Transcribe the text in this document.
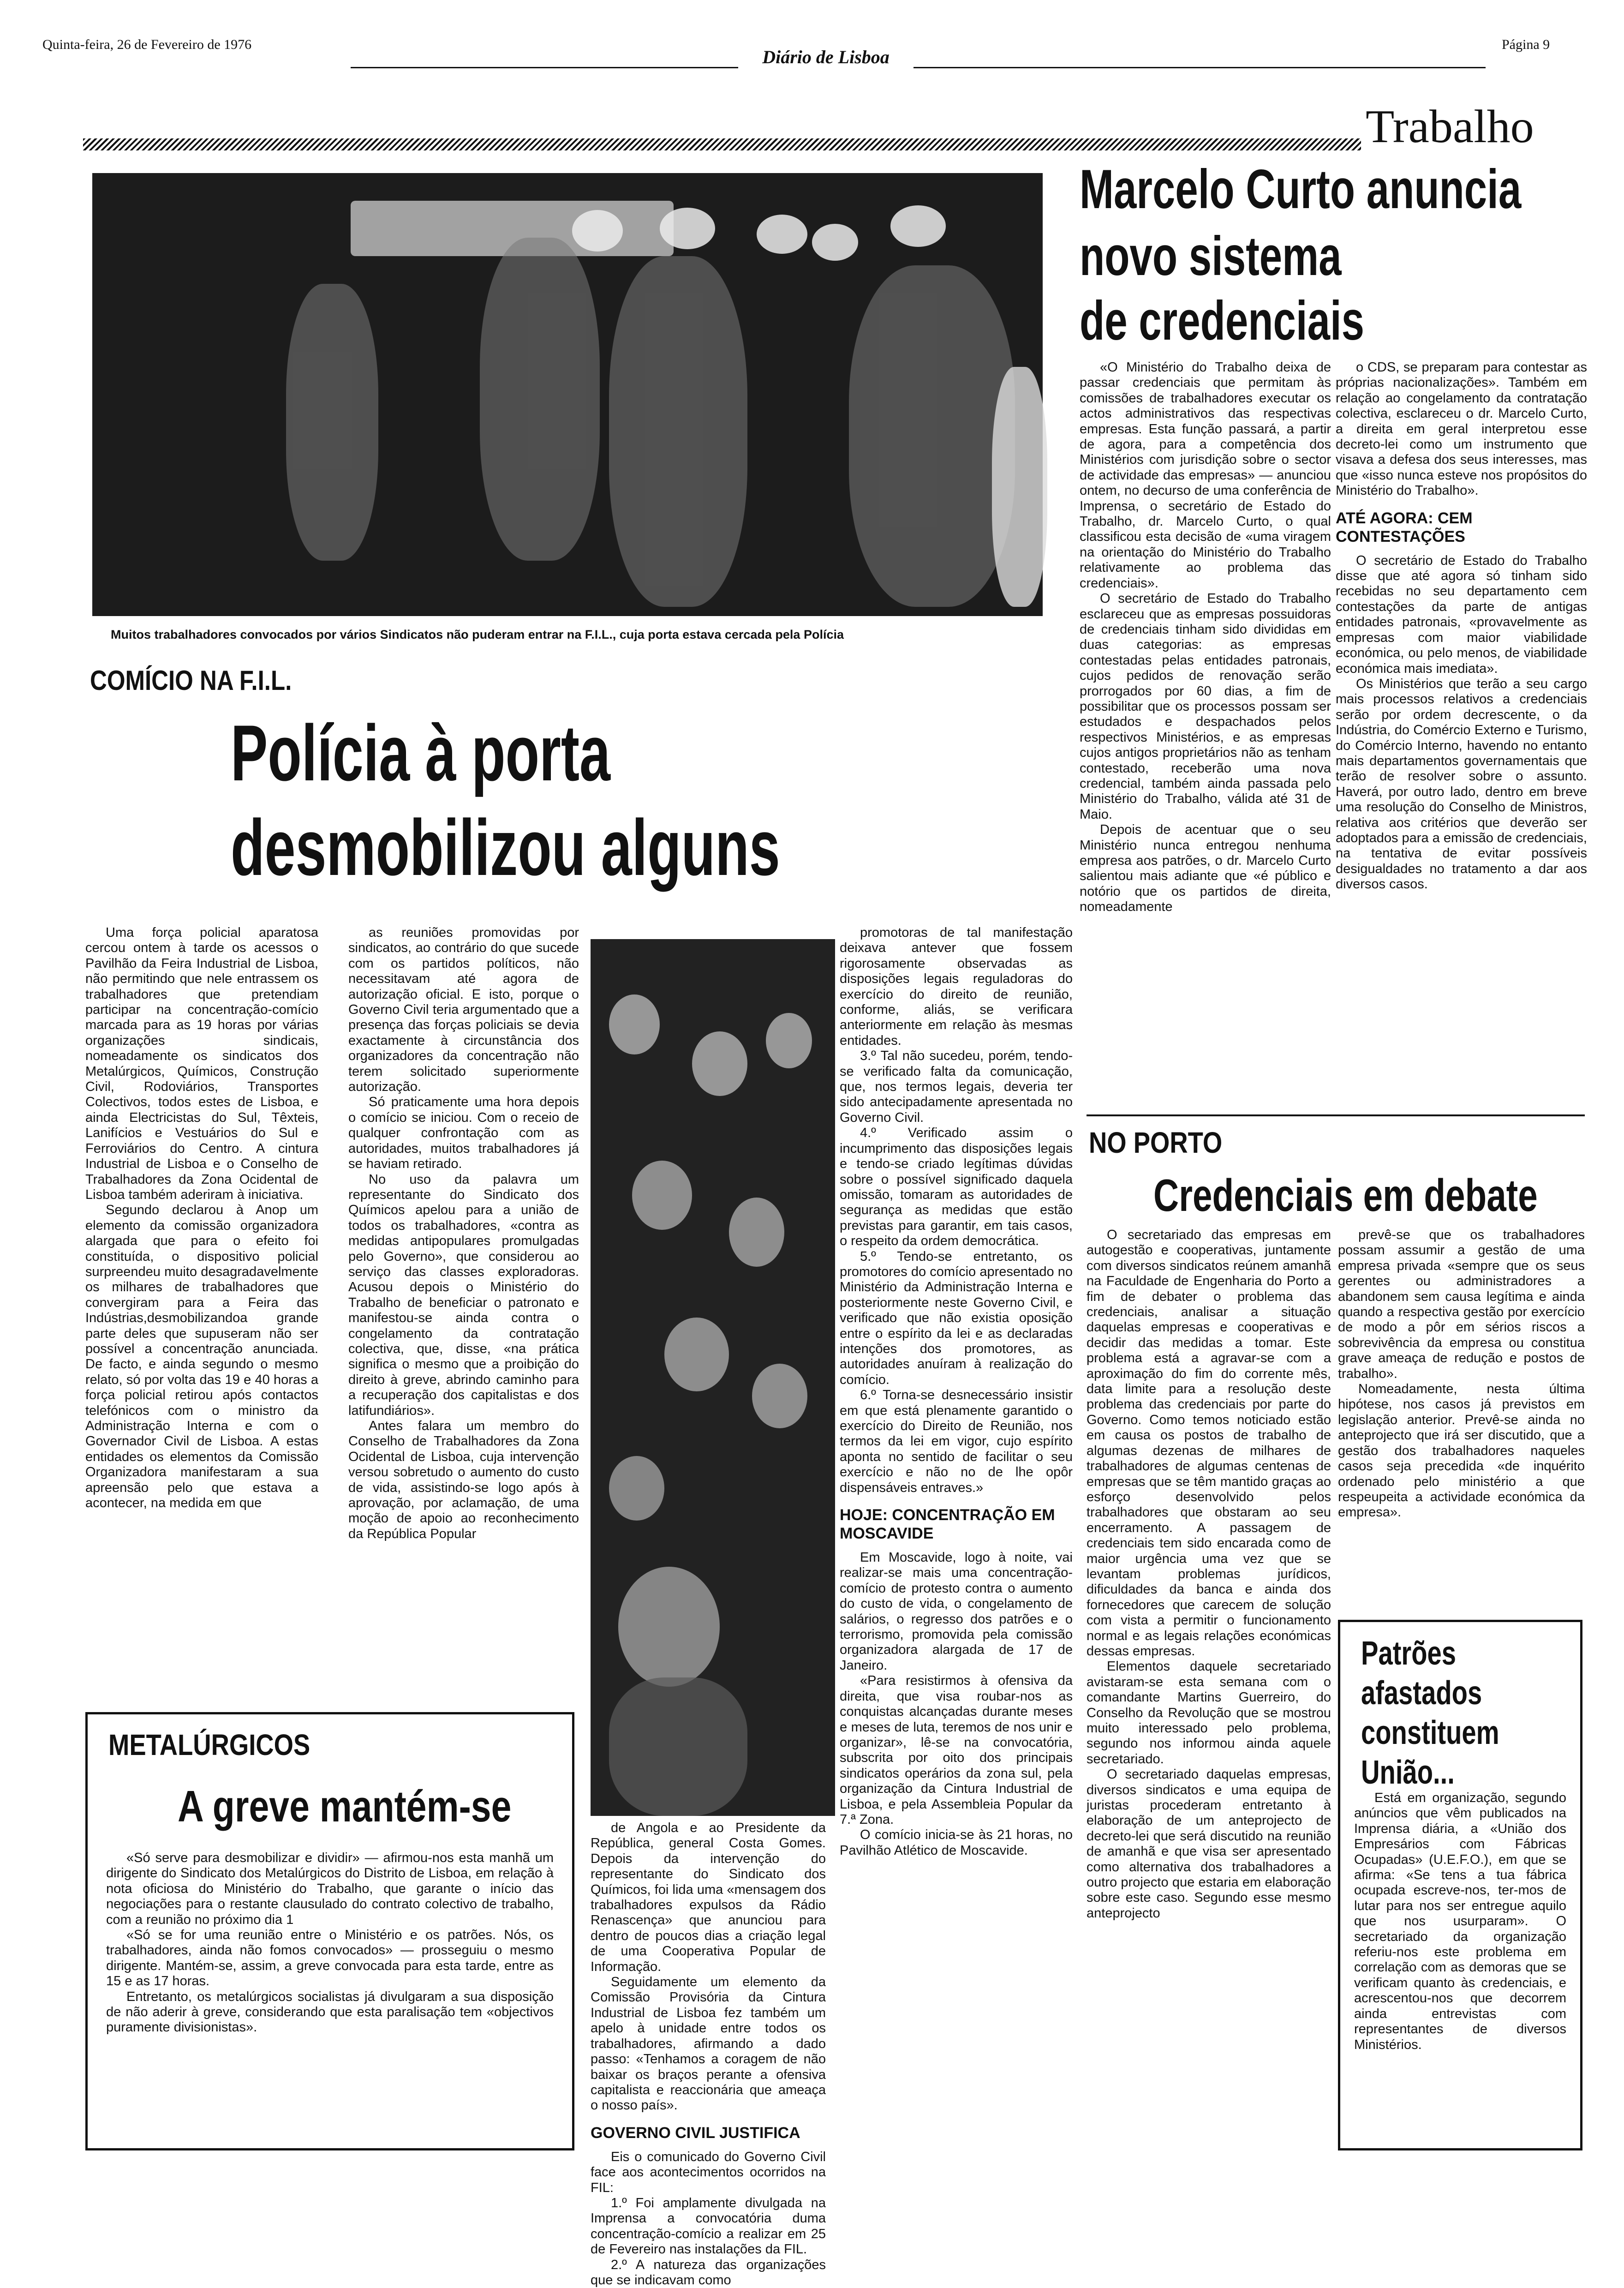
Quinta-feira, 26 de Fevereiro de 1976
Diário de Lisboa
Página 9
Trabalho
Muitos trabalhadores convocados por vários Sindicatos não puderam entrar na F.I.L., cuja porta estava cercada pela Polícia
Marcelo Curto anuncia
novo sistema
de credenciais

«O Ministério do Trabalho deixa de passar credenciais que permitam às comissões de trabalhadores executar os actos administrativos das respectivas empresas. Esta função passará, a partir de agora, para a competência dos Ministérios com jurisdição sobre o sector de actividade das empresas» — anunciou ontem, no decurso de uma conferência de Imprensa, o secretário de Estado do Trabalho, dr. Marcelo Curto, o qual classificou esta decisão de «uma viragem na orientação do Ministério do Trabalho relativamente ao problema das credenciais».

O secretário de Estado do Trabalho esclareceu que as empresas possuidoras de credenciais tinham sido divididas em duas categorias: as empresas contestadas pelas entidades patronais, cujos pedidos de renovação serão prorrogados por 60 dias, a fim de possibilitar que os processos possam ser estudados e despachados pelos respectivos Ministérios, e as empresas cujos antigos proprietários não as tenham contestado, receberão uma nova credencial, também ainda passada pelo Ministério do Trabalho, válida até 31 de Maio.

Depois de acentuar que o seu Ministério nunca entregou nenhuma empresa aos patrões, o dr. Marcelo Curto salientou mais adiante que «é público e notório que os partidos de direita, nomeadamente

o CDS, se preparam para contestar as próprias nacionalizações». Também em relação ao congelamento da contratação colectiva, esclareceu o dr. Marcelo Curto, a direita em geral interpretou esse decreto-lei como um instrumento que visava a defesa dos seus interesses, mas que «isso nunca esteve nos propósitos do Ministério do Trabalho».

ATÉ AGORA: CEM CONTESTAÇÕES

O secretário de Estado do Trabalho disse que até agora só tinham sido recebidas no seu departamento cem contestações da parte de antigas entidades patronais, «provavelmente as empresas com maior viabilidade económica, ou pelo menos, de viabilidade económica mais imediata».

Os Ministérios que terão a seu cargo mais processos relativos a credenciais serão por ordem decrescente, o da Indústria, do Comércio Externo e Turismo, do Comércio Interno, havendo no entanto mais departamentos governamentais que terão de resolver sobre o assunto. Haverá, por outro lado, dentro em breve uma resolução do Conselho de Ministros, relativa aos critérios que deverão ser adoptados para a emissão de credenciais, na tentativa de evitar possíveis desigualdades no tratamento a dar aos diversos casos.

COMÍCIO NA F.I.L.
Polícia à porta
desmobilizou alguns

Uma força policial aparatosa cercou ontem à tarde os acessos o Pavilhão da Feira Industrial de Lisboa, não permitindo que nele entrassem os trabalhadores que pretendiam participar na concentração-comício marcada para as 19 horas por várias organizações sindicais, nomeadamente os sindicatos dos Metalúrgicos, Químicos, Construção Civil, Rodoviários, Transportes Colectivos, todos estes de Lisboa, e ainda Electricistas do Sul, Têxteis, Lanifícios e Vestuários do Sul e Ferroviários do Centro. A cintura Industrial de Lisboa e o Conselho de Trabalhadores da Zona Ocidental de Lisboa também aderiram à iniciativa.

Segundo declarou à Anop um elemento da comissão organizadora alargada que para o efeito foi constituída, o dispositivo policial surpreendeu muito desagradavelmente os milhares de trabalhadores que convergiram para a Feira das Indústrias,desmobilizandoa grande parte deles que supuseram não ser possível a concentração anunciada. De facto, e ainda segundo o mesmo relato, só por volta das 19 e 40 horas a força policial retirou após contactos telefónicos com o ministro da Administração Interna e com o Governador Civil de Lisboa. A estas entidades os elementos da Comissão Organizadora manifestaram a sua apreensão pelo que estava a acontecer, na medida em que

as reuniões promovidas por sindicatos, ao contrário do que sucede com os partidos políticos, não necessitavam até agora de autorização oficial. E isto, porque o Governo Civil teria argumentado que a presença das forças policiais se devia exactamente à circunstância dos organizadores da concentração não terem solicitado superiormente autorização.

Só praticamente uma hora depois o comício se iniciou. Com o receio de qualquer confrontação com as autoridades, muitos trabalhadores já se haviam retirado.

No uso da palavra um representante do Sindicato dos Químicos apelou para a união de todos os trabalhadores, «contra as medidas antipopulares promulgadas pelo Governo», que considerou ao serviço das classes exploradoras. Acusou depois o Ministério do Trabalho de beneficiar o patronato e manifestou-se ainda contra o congelamento da contratação colectiva, que, disse, «na prática significa o mesmo que a proibição do direito à greve, abrindo caminho para a recuperação dos capitalistas e dos latifundiários».

Antes falara um membro do Conselho de Trabalhadores da Zona Ocidental de Lisboa, cuja intervenção versou sobretudo o aumento do custo de vida, assistindo-se logo após à aprovação, por aclamação, de uma moção de apoio ao reconhecimento da República Popular

de Angola e ao Presidente da República, general Costa Gomes. Depois da intervenção do representante do Sindicato dos Químicos, foi lida uma «mensagem dos trabalhadores expulsos da Rádio Renascença» que anunciou para dentro de poucos dias a criação legal de uma Cooperativa Popular de Informação.

Seguidamente um elemento da Comissão Provisória da Cintura Industrial de Lisboa fez também um apelo à unidade entre todos os trabalhadores, afirmando a dado passo: «Tenhamos a coragem de não baixar os braços perante a ofensiva capitalista e reaccionária que ameaça o nosso país».

GOVERNO CIVIL JUSTIFICA

Eis o comunicado do Governo Civil face aos acontecimentos ocorridos na FIL:

1.º Foi amplamente divulgada na Imprensa a convocatória duma concentração-comício a realizar em 25 de Fevereiro nas instalações da FIL.

2.º A natureza das organizações que se indicavam como

promotoras de tal manifestação deixava antever que fossem rigorosamente observadas as disposições legais reguladoras do exercício do direito de reunião, conforme, aliás, se verificara anteriormente em relação às mesmas entidades.

3.º Tal não sucedeu, porém, tendo-se verificado falta da comunicação, que, nos termos legais, deveria ter sido antecipadamente apresentada no Governo Civil.

4.º Verificado assim o incumprimento das disposições legais e tendo-se criado legítimas dúvidas sobre o possível significado daquela omissão, tomaram as autoridades de segurança as medidas que estão previstas para garantir, em tais casos, o respeito da ordem democrática.

5.º Tendo-se entretanto, os promotores do comício apresentado no Ministério da Administração Interna e posteriormente neste Governo Civil, e verificado que não existia oposição entre o espírito da lei e as declaradas intenções dos promotores, as autoridades anuíram à realização do comício.

6.º Torna-se desnecessário insistir em que está plenamente garantido o exercício do Direito de Reunião, nos termos da lei em vigor, cujo espírito aponta no sentido de facilitar o seu exercício e não no de lhe opôr dispensáveis entraves.»

HOJE: CONCENTRAÇÃO EM MOSCAVIDE

Em Moscavide, logo à noite, vai realizar-se mais uma concentração-comício de protesto contra o aumento do custo de vida, o congelamento de salários, o regresso dos patrões e o terrorismo, promovida pela comissão organizadora alargada de 17 de Janeiro.

«Para resistirmos à ofensiva da direita, que visa roubar-nos as conquistas alcançadas durante meses e meses de luta, teremos de nos unir e organizar», lê-se na convocatória, subscrita por oito dos principais sindicatos operários da zona sul, pela organização da Cintura Industrial de Lisboa, e pela Assembleia Popular da 7.ª Zona.

O comício inicia-se às 21 horas, no Pavilhão Atlético de Moscavide.

METALÚRGICOS
A greve mantém-se

«Só serve para desmobilizar e dividir» — afirmou-nos esta manhã um dirigente do Sindicato dos Metalúrgicos do Distrito de Lisboa, em relação à nota oficiosa do Ministério do Trabalho, que garante o início das negociações para o restante clausulado do contrato colectivo de trabalho, com a reunião no próximo dia 1

«Só se for uma reunião entre o Ministério e os patrões. Nós, os trabalhadores, ainda não fomos convocados» — prosseguiu o mesmo dirigente. Mantém-se, assim, a greve convocada para esta tarde, entre as 15 e as 17 horas.

Entretanto, os metalúrgicos socialistas já divulgaram a sua disposição de não aderir à greve, considerando que esta paralisação tem «objectivos puramente divisionistas».

NO PORTO
Credenciais em debate

O secretariado das empresas em autogestão e cooperativas, juntamente com diversos sindicatos reúnem amanhã na Faculdade de Engenharia do Porto a fim de debater o problema das credenciais, analisar a situação daquelas empresas e cooperativas e decidir das medidas a tomar. Este problema está a agravar-se com a aproximação do fim do corrente mês, data limite para a resolução deste problema das credenciais por parte do Governo. Como temos noticiado estão em causa os postos de trabalho de algumas dezenas de milhares de trabalhadores de algumas centenas de empresas que se têm mantido graças ao esforço desenvolvido pelos trabalhadores que obstaram ao seu encerramento. A passagem de credenciais tem sido encarada como de maior urgência uma vez que se levantam problemas jurídicos, dificuldades da banca e ainda dos fornecedores que carecem de solução com vista a permitir o funcionamento normal e as legais relações económicas dessas empresas.

Elementos daquele secretariado avistaram-se esta semana com o comandante Martins Guerreiro, do Conselho da Revolução que se mostrou muito interessado pelo problema, segundo nos informou ainda aquele secretariado.

O secretariado daquelas empresas, diversos sindicatos e uma equipa de juristas procederam entretanto à elaboração de um anteprojecto de decreto-lei que será discutido na reunião de amanhã e que visa ser apresentado como alternativa dos trabalhadores a outro projecto que estaria em elaboração sobre este caso. Segundo esse mesmo anteprojecto

prevê-se que os trabalhadores possam assumir a gestão de uma empresa privada «sempre que os seus gerentes ou administradores a abandonem sem causa legítima e ainda quando a respectiva gestão por exercício de modo a pôr em sérios riscos a sobrevivência da empresa ou constitua grave ameaça de redução e postos de trabalho».

Nomeadamente, nesta última hipótese, nos casos já previstos em legislação anterior. Prevê-se ainda no anteprojecto que irá ser discutido, que a gestão dos trabalhadores naqueles casos seja precedida «de inquérito ordenado pelo ministério a que respeupeita a actividade económica da empresa».

Patrões afastados constituem União...

Está em organização, segundo anúncios que vêm publicados na Imprensa diária, a «União dos Empresários com Fábricas Ocupadas» (U.E.F.O.), em que se afirma: «Se tens a tua fábrica ocupada escreve-nos, ter-mos de lutar para nos ser entregue aquilo que nos usurparam». O secretariado da organização referiu-nos este problema em correlação com as demoras que se verificam quanto às credenciais, e acrescentou-nos que decorrem ainda entrevistas com representantes de diversos Ministérios.
